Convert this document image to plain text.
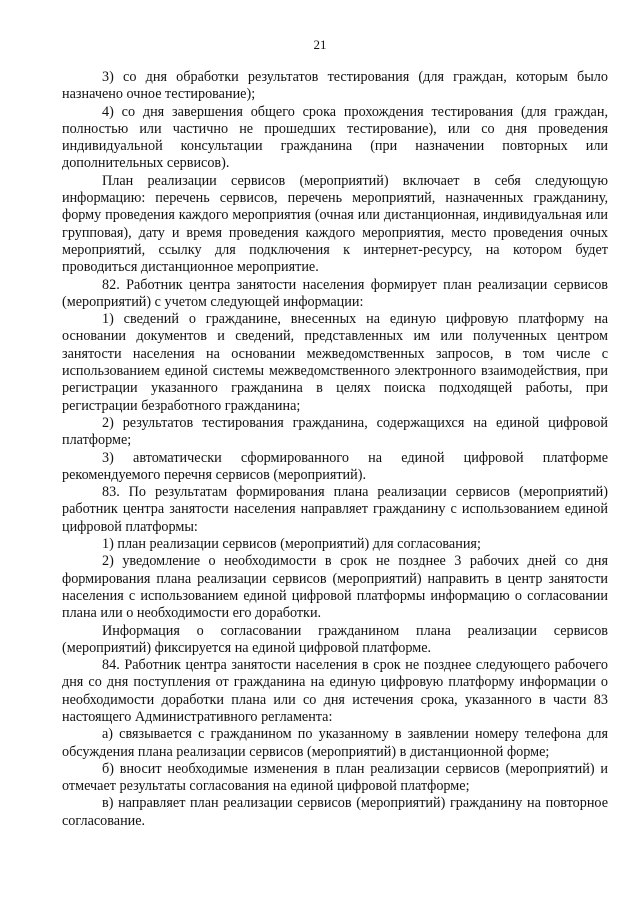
21

3) со дня обработки результатов тестирования (для граждан, которым было назначено очное тестирование);

4) со дня завершения общего срока прохождения тестирования (для граждан, полностью или частично не прошедших тестирование), или со дня проведения индивидуальной консультации гражданина (при назначении повторных или дополнительных сервисов).

План реализации сервисов (мероприятий) включает в себя следующую информацию: перечень сервисов, перечень мероприятий, назначенных гражданину, форму проведения каждого мероприятия (очная или дистанционная, индивидуальная или групповая), дату и время проведения каждого мероприятия, место проведения очных мероприятий, ссылку для подключения к интернет-ресурсу, на котором будет проводиться дистанционное мероприятие.

82. Работник центра занятости населения формирует план реализации сервисов (мероприятий) с учетом следующей информации:

1) сведений о гражданине, внесенных на единую цифровую платформу на основании документов и сведений, представленных им или полученных центром занятости населения на основании межведомственных запросов, в том числе с использованием единой системы межведомственного электронного взаимодействия, при регистрации указанного гражданина в целях поиска подходящей работы, при регистрации безработного гражданина;

2) результатов тестирования гражданина, содержащихся на единой цифровой платформе;

3) автоматически сформированного на единой цифровой платформе рекомендуемого перечня сервисов (мероприятий).

83. По результатам формирования плана реализации сервисов (мероприятий) работник центра занятости населения направляет гражданину с использованием единой цифровой платформы:

1) план реализации сервисов (мероприятий) для согласования;

2) уведомление о необходимости в срок не позднее 3 рабочих дней со дня формирования плана реализации сервисов (мероприятий) направить в центр занятости населения с использованием единой цифровой платформы информацию о согласовании плана или о необходимости его доработки.

Информация о согласовании гражданином плана реализации сервисов (мероприятий) фиксируется на единой цифровой платформе.

84. Работник центра занятости населения в срок не позднее следующего рабочего дня со дня поступления от гражданина на единую цифровую платформу информации о необходимости доработки плана или со дня истечения срока, указанного в части 83 настоящего Административного регламента:

а) связывается с гражданином по указанному в заявлении номеру телефона для обсуждения плана реализации сервисов (мероприятий) в дистанционной форме;

б) вносит необходимые изменения в план реализации сервисов (мероприятий) и отмечает результаты согласования на единой цифровой платформе;

в) направляет план реализации сервисов (мероприятий) гражданину на повторное согласование.
